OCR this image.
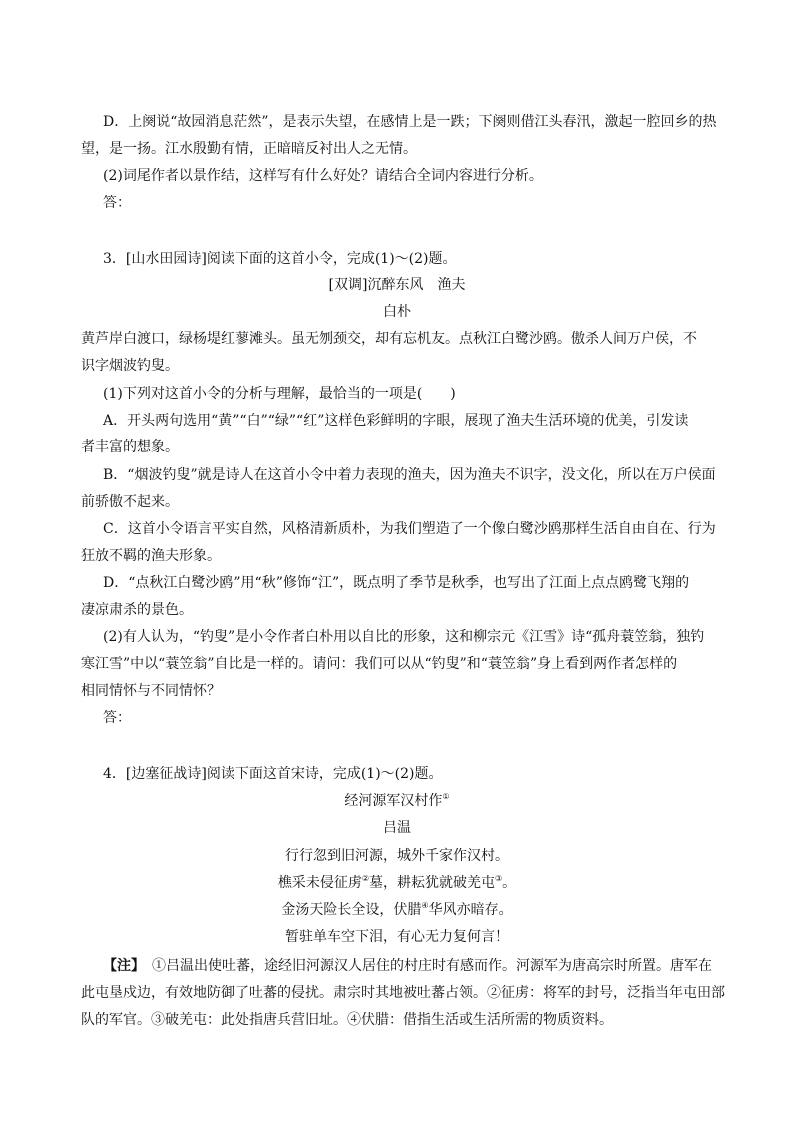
D．上阕说“故园消息茫然”，是表示失望，在感情上是一跌；下阕则借江头春汛，激起一腔回乡的热
望，是一扬。江水殷勤有情，正暗暗反衬出人之无情。
(2)词尾作者以景作结，这样写有什么好处？请结合全词内容进行分析。
答：
3．[山水田园诗]阅读下面的这首小令，完成(1)～(2)题。
[双调]沉醉东风　渔夫
白朴
黄芦岸白渡口，绿杨堤红蓼滩头。虽无刎颈交，却有忘机友。点秋江白鹭沙鸥。傲杀人间万户侯，不
识字烟波钓叟。
(1)下列对这首小令的分析与理解，最恰当的一项是(　　)
A．开头两句选用“黄”“白”“绿”“红”这样色彩鲜明的字眼，展现了渔夫生活环境的优美，引发读
者丰富的想象。
B．“烟波钓叟”就是诗人在这首小令中着力表现的渔夫，因为渔夫不识字，没文化，所以在万户侯面
前骄傲不起来。
C．这首小令语言平实自然，风格清新质朴，为我们塑造了一个像白鹭沙鸥那样生活自由自在、行为
狂放不羁的渔夫形象。
D．“点秋江白鹭沙鸥”用“秋”修饰“江”，既点明了季节是秋季，也写出了江面上点点鸥鹭飞翔的
凄凉肃杀的景色。
(2)有人认为，“钓叟”是小令作者白朴用以自比的形象，这和柳宗元《江雪》诗“孤舟蓑笠翁，独钓
寒江雪”中以“蓑笠翁”自比是一样的。请问：我们可以从“钓叟”和“蓑笠翁”身上看到两作者怎样的
相同情怀与不同情怀？
答：
4．[边塞征战诗]阅读下面这首宋诗，完成(1)～(2)题。
经河源军汉村作①
吕温
行行忽到旧河源，城外千家作汉村。
樵采未侵征虏②墓，耕耘犹就破羌屯③。
金汤天险长全设，伏腊④华风亦暗存。
暂驻单车空下泪，有心无力复何言！
【注】　①吕温出使吐蕃，途经旧河源汉人居住的村庄时有感而作。河源军为唐高宗时所置。唐军在
此屯垦戍边，有效地防御了吐蕃的侵扰。肃宗时其地被吐蕃占领。②征虏：将军的封号，泛指当年屯田部
队的军官。③破羌屯：此处指唐兵营旧址。④伏腊：借指生活或生活所需的物质资料。
